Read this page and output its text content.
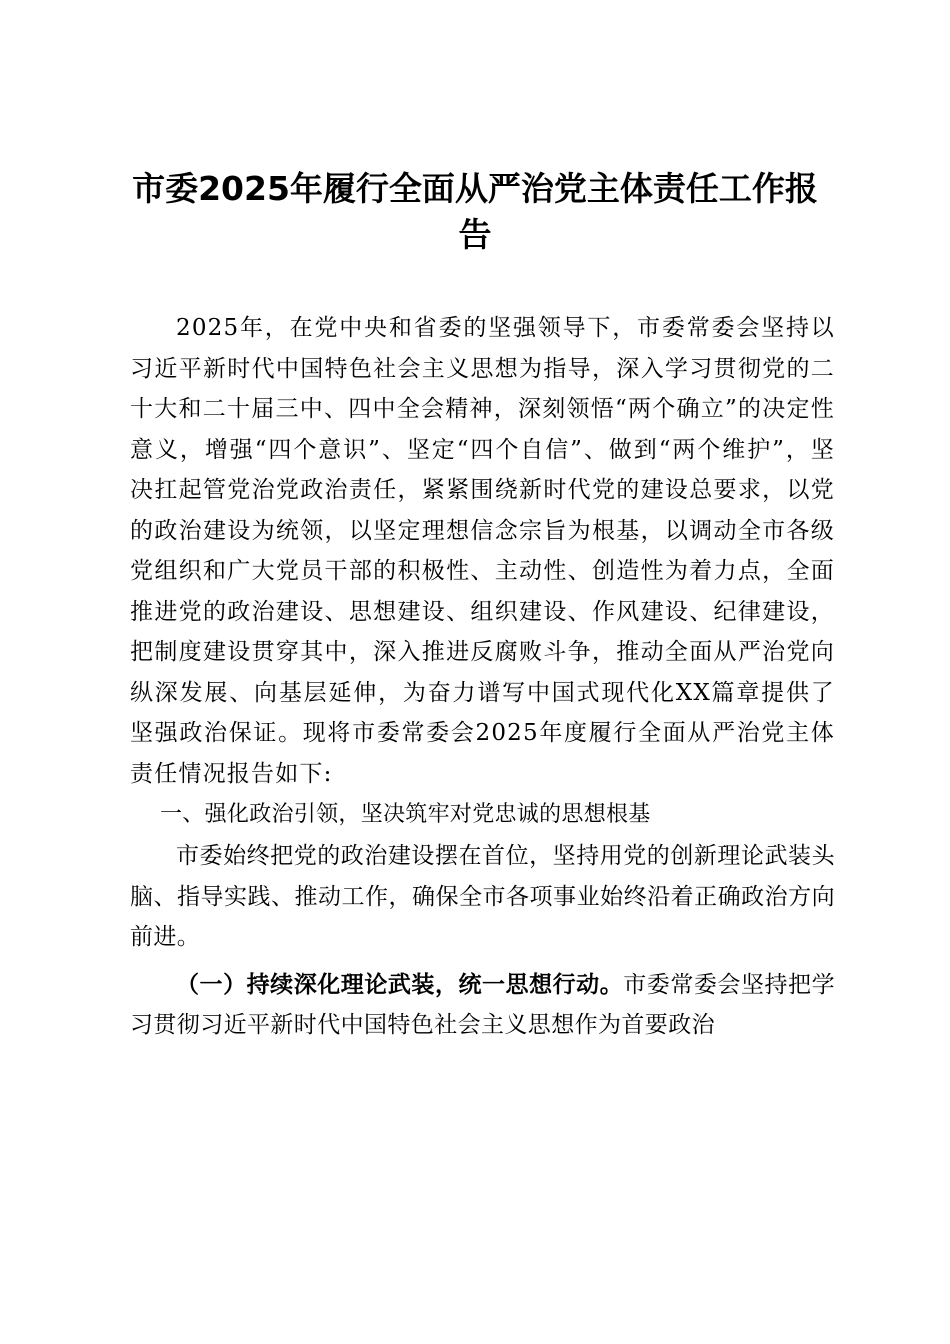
市委2025年履行全面从严治党主体责任工作报告

2025年，在党中央和省委的坚强领导下，市委常委会坚持以习近平新时代中国特色社会主义思想为指导，深入学习贯彻党的二十大和二十届三中、四中全会精神，深刻领悟“两个确立”的决定性意义，增强“四个意识”、坚定“四个自信”、做到“两个维护”，坚决扛起管党治党政治责任，紧紧围绕新时代党的建设总要求，以党的政治建设为统领，以坚定理想信念宗旨为根基，以调动全市各级党组织和广大党员干部的积极性、主动性、创造性为着力点，全面推进党的政治建设、思想建设、组织建设、作风建设、纪律建设，把制度建设贯穿其中，深入推进反腐败斗争，推动全面从严治党向纵深发展、向基层延伸，为奋力谱写中国式现代化XX篇章提供了坚强政治保证。现将市委常委会2025年度履行全面从严治党主体责任情况报告如下:

一、强化政治引领，坚决筑牢对党忠诚的思想根基

市委始终把党的政治建设摆在首位，坚持用党的创新理论武装头脑、指导实践、推动工作，确保全市各项事业始终沿着正确政治方向前进。

（一）持续深化理论武装，统一思想行动。市委常委会坚持把学习贯彻习近平新时代中国特色社会主义思想作为首要政治
